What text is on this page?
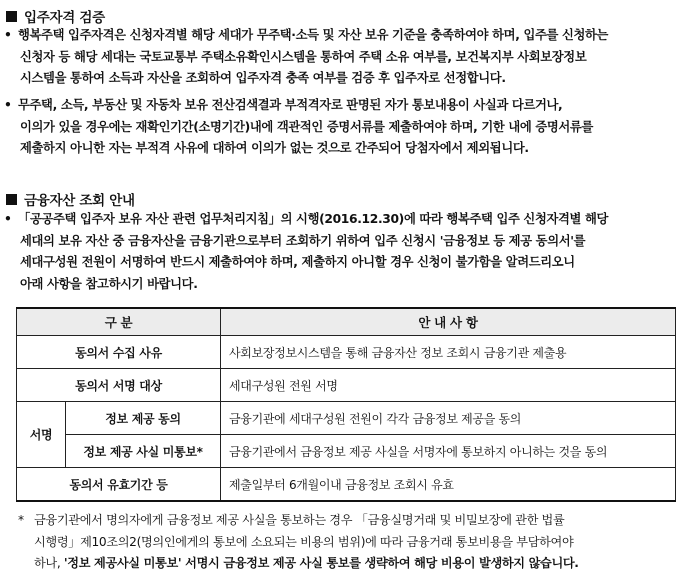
입주자격 검증
• 행복주택 입주자격은 신청자격별 해당 세대가 무주택·소득 및 자산 보유 기준을 충족하여야 하며, 입주를 신청하는
신청자 등 해당 세대는 국토교통부 주택소유확인시스템을 통하여 주택 소유 여부를, 보건복지부 사회보장정보
시스템을 통하여 소득과 자산을 조회하여 입주자격 충족 여부를 검증 후 입주자로 선정합니다.
• 무주택, 소득, 부동산 및 자동차 보유 전산검색결과 부적격자로 판명된 자가 통보내용이 사실과 다르거나,
이의가 있을 경우에는 재확인기간(소명기간)내에 객관적인 증명서류를 제출하여야 하며, 기한 내에 증명서류를
제출하지 아니한 자는 부적격 사유에 대하여 이의가 없는 것으로 간주되어 당첨자에서 제외됩니다.
금융자산 조회 안내
• 「공공주택 입주자 보유 자산 관련 업무처리지침」의 시행(2016.12.30)에 따라 행복주택 입주 신청자격별 해당
세대의 보유 자산 중 금융자산을 금융기관으로부터 조회하기 위하여 입주 신청시 '금융정보 등 제공 동의서'를
세대구성원 전원이 서명하여 반드시 제출하여야 하며, 제출하지 아니할 경우 신청이 불가함을 알려드리오니
아래 사항을 참고하시기 바랍니다.
구 분		안 내 사 항
동의서 수집 사유		사회보장정보시스템을 통해 금융자산 정보 조회시 금융기관 제출용
동의서 서명 대상		세대구성원 전원 서명
서명	정보 제공 동의	금융기관에 세대구성원 전원이 각각 금융정보 제공을 동의
	정보 제공 사실 미통보*	금융기관에서 금융정보 제공 사실을 서명자에 통보하지 아니하는 것을 동의
동의서 유효기간 등		제출일부터 6개월이내 금융정보 조회시 유효
* 금융기관에서 명의자에게 금융정보 제공 사실을 통보하는 경우 「금융실명거래 및 비밀보장에 관한 법률
시행령」제10조의2(명의인에게의 통보에 소요되는 비용의 범위)에 따라 금융거래 통보비용을 부담하여야
하나, '정보 제공사실 미통보' 서명시 금융정보 제공 사실 통보를 생략하여 해당 비용이 발생하지 않습니다.
